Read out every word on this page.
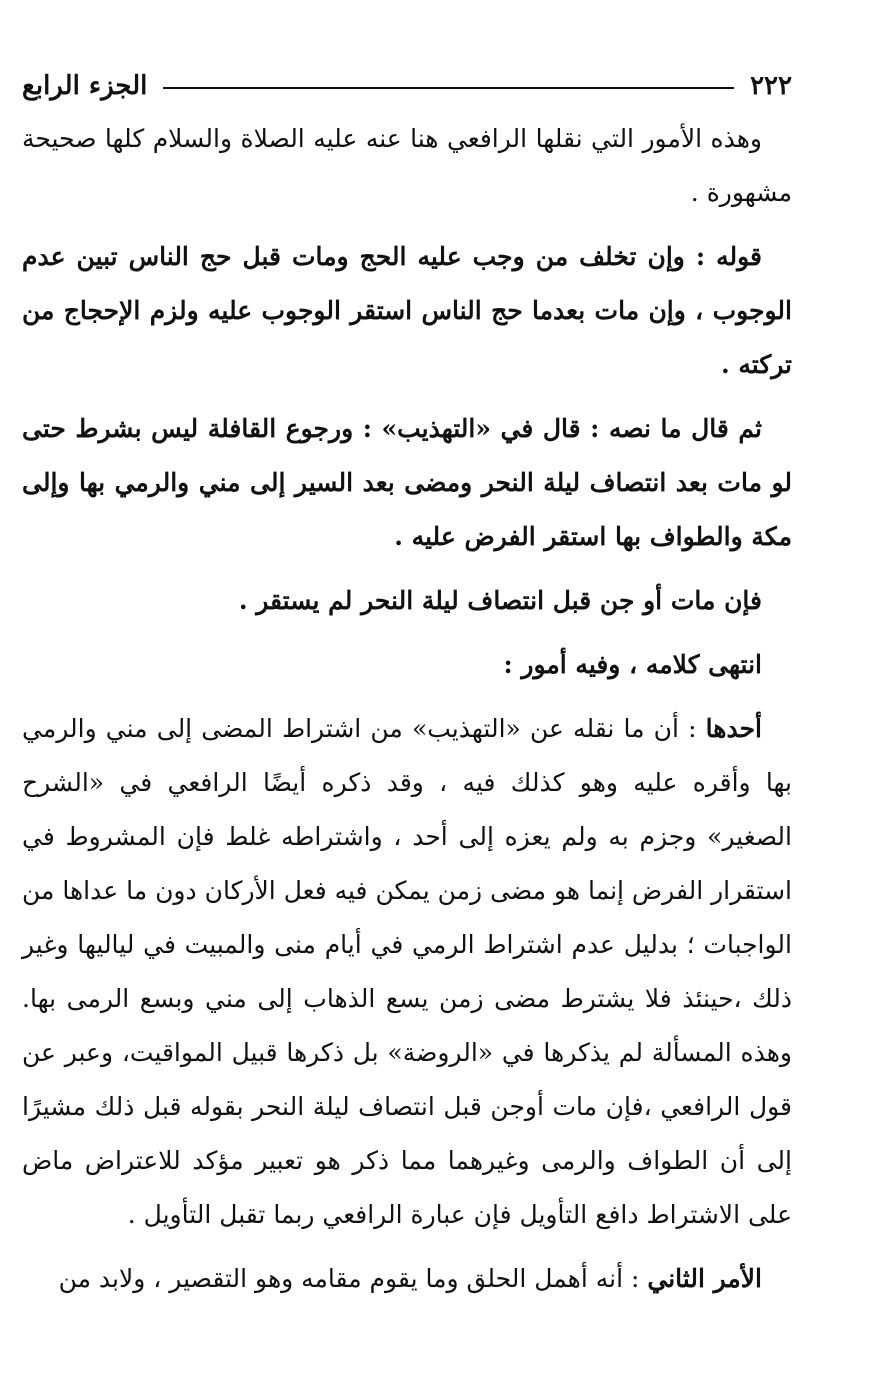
٢٢٢
الجزء الرابع

وهذه الأمور التي نقلها الرافعي هنا عنه عليه الصلاة والسلام كلها صحيحة مشهورة .

قوله : وإن تخلف من وجب عليه الحج ومات قبل حج الناس تبين عدم الوجوب ، وإن مات بعدما حج الناس استقر الوجوب عليه ولزم الإحجاج من تركته .

ثم قال ما نصه : قال في «التهذيب» : ورجوع القافلة ليس بشرط حتى لو مات بعد انتصاف ليلة النحر ومضى بعد السير إلى مني والرمي بها وإلى مكة والطواف بها استقر الفرض عليه .

فإن مات أو جن قبل انتصاف ليلة النحر لم يستقر .

انتهى كلامه ، وفيه أمور :

أحدها : أن ما نقله عن «التهذيب» من اشتراط المضى إلى مني والرمي بها وأقره عليه وهو كذلك فيه ، وقد ذكره أيضًا الرافعي في «الشرح الصغير» وجزم به ولم يعزه إلى أحد ، واشتراطه غلط فإن المشروط في استقرار الفرض إنما هو مضى زمن يمكن فيه فعل الأركان دون ما عداها من الواجبات ؛ بدليل عدم اشتراط الرمي في أيام منى والمبيت في لياليها وغير ذلك ،حينئذ فلا يشترط مضى زمن يسع الذهاب إلى مني وبسع الرمى بها. وهذه المسألة لم يذكرها في «الروضة» بل ذكرها قبيل المواقيت، وعبر عن قول الرافعي ،فإن مات أوجن قبل انتصاف ليلة النحر بقوله قبل ذلك مشيرًا إلى أن الطواف والرمى وغيرهما مما ذكر هو تعبير مؤكد للاعتراض ماض على الاشتراط دافع التأويل فإن عبارة الرافعي ربما تقبل التأويل .

الأمر الثاني : أنه أهمل الحلق وما يقوم مقامه وهو التقصير ، ولابد من
